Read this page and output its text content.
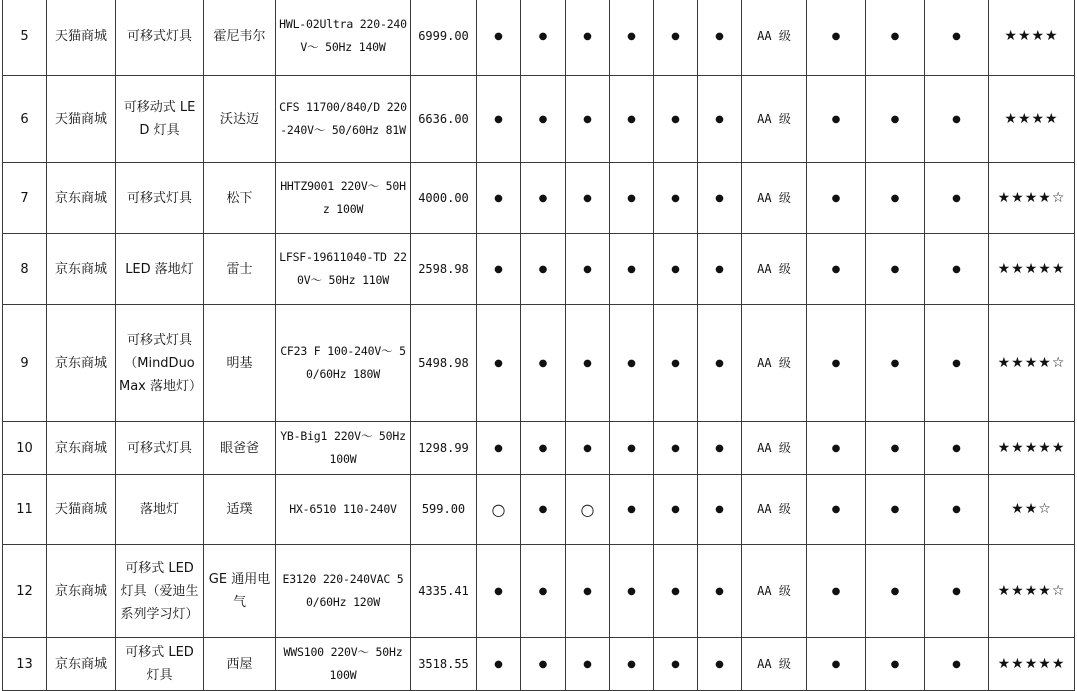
5	天猫商城	可移式灯具	霍尼韦尔	HWL-02Ultra 220-240V～ 50Hz 140W	6999.00	●	●	●	●	●	●	AA 级	●	●	●	★★★★
6	天猫商城	可移动式 LED 灯具	沃达迈	CFS 11700/840/D 220-240V～ 50/60Hz 81W	6636.00	●	●	●	●	●	●	AA 级	●	●	●	★★★★
7	京东商城	可移式灯具	松下	HHTZ9001 220V～ 50Hz 100W	4000.00	●	●	●	●	●	●	AA 级	●	●	●	★★★★☆
8	京东商城	LED 落地灯	雷士	LFSF-19611040-TD 220V～ 50Hz 110W	2598.98	●	●	●	●	●	●	AA 级	●	●	●	★★★★★
9	京东商城	可移式灯具（MindDuo Max 落地灯）	明基	CF23 F 100-240V～ 50/60Hz 180W	5498.98	●	●	●	●	●	●	AA 级	●	●	●	★★★★☆
10	京东商城	可移式灯具	眼爸爸	YB-Big1 220V～ 50Hz 100W	1298.99	●	●	●	●	●	●	AA 级	●	●	●	★★★★★
11	天猫商城	落地灯	适璞	HX-6510 110-240V	599.00	○	●	○	●	●	●	AA 级	●	●	●	★★☆
12	京东商城	可移式 LED 灯具（爱迪生系列学习灯）	GE 通用电气	E3120 220-240VAC 50/60Hz 120W	4335.41	●	●	●	●	●	●	AA 级	●	●	●	★★★★☆
13	京东商城	可移式 LED 灯具	西屋	WWS100 220V～ 50Hz 100W	3518.55	●	●	●	●	●	●	AA 级	●	●	●	★★★★★
